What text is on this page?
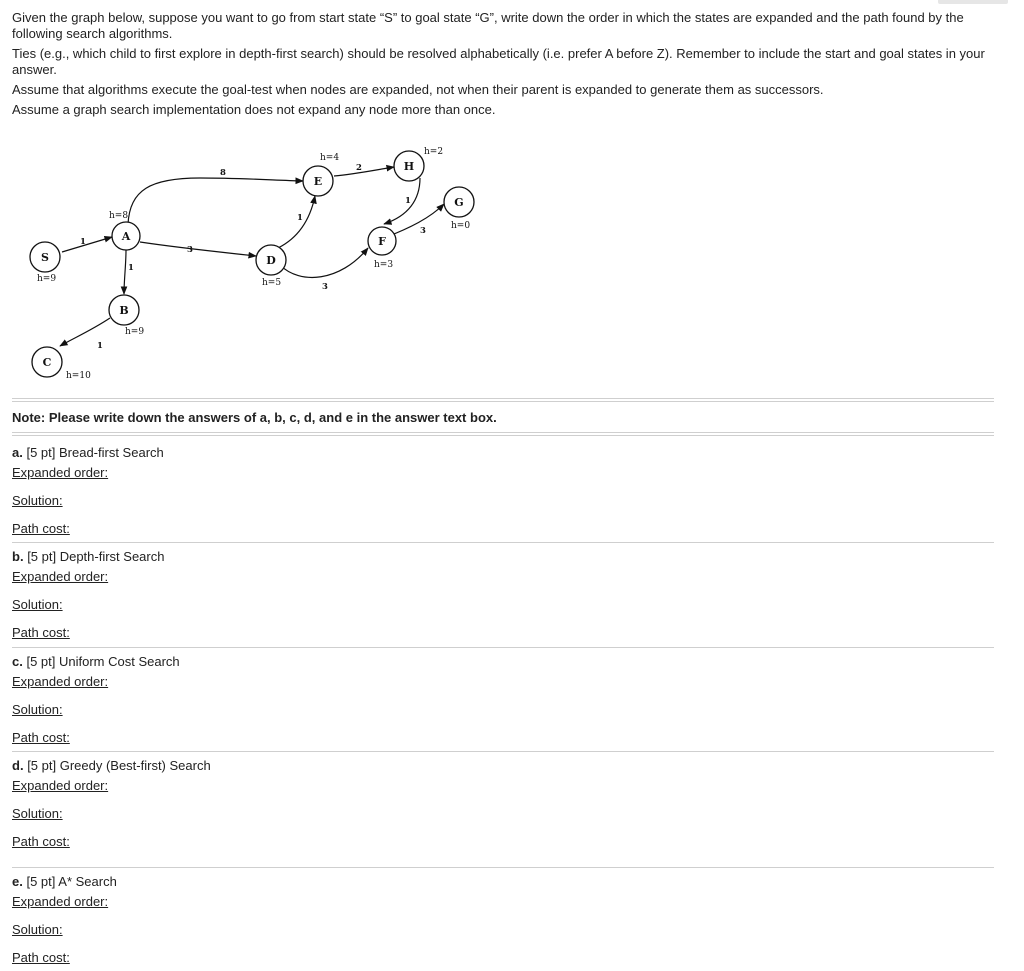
Given the graph below, suppose you want to go from start state “S” to goal state “G”, write down the order in which the states are expanded and the path found by the following search algorithms.

Ties (e.g., which child to first explore in depth-first search) should be resolved alphabetically (i.e. prefer A before Z). Remember to include the start and goal states in your answer.

Assume that algorithms execute the goal-test when nodes are expanded, not when their parent is expanded to generate them as successors.

Assume a graph search implementation does not expand any node more than once.

S
A
B
C
D
E
F
H
G
h=9
h=8
h=9
h=10
h=5
h=4
h=3
h=2
h=0
1
1
1
3
8
1
3
2
1
3
Note: Please write down the answers of a, b, c, d, and e in the answer text box.
a. [5 pt] Bread-first Search
Expanded order:
Solution:
Path cost:
b. [5 pt] Depth-first Search
Expanded order:
Solution:
Path cost:
c. [5 pt] Uniform Cost Search
Expanded order:
Solution:
Path cost:
d. [5 pt] Greedy (Best-first) Search
Expanded order:
Solution:
Path cost:
e. [5 pt] A* Search
Expanded order:
Solution:
Path cost:
